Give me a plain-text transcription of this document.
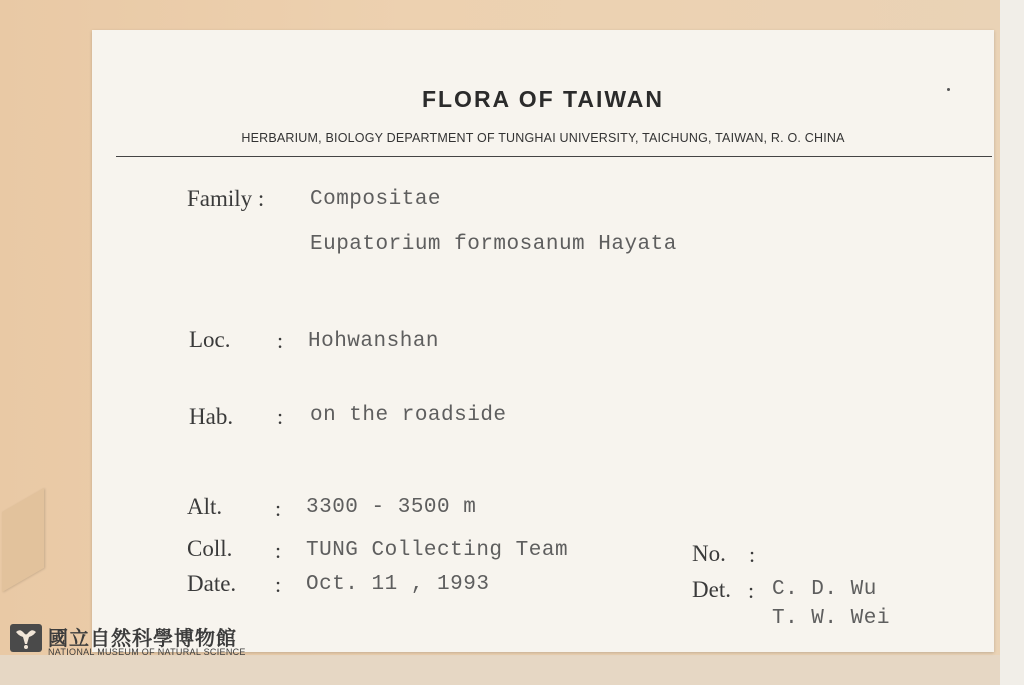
FLORA OF TAIWAN
HERBARIUM, BIOLOGY DEPARTMENT OF TUNGHAI UNIVERSITY, TAICHUNG, TAIWAN, R. O. CHINA
Family : Compositae
Eupatorium formosanum Hayata
Loc. : Hohwanshan
Hab. : on the roadside
Alt. : 3300 - 3500 m
Coll. : TUNG Collecting Team
Date. : Oct. 11 , 1993
No. :
Det. : C. D. Wu
T. W. Wei
國立自然科學博物館
NATIONAL MUSEUM OF NATURAL SCIENCE
